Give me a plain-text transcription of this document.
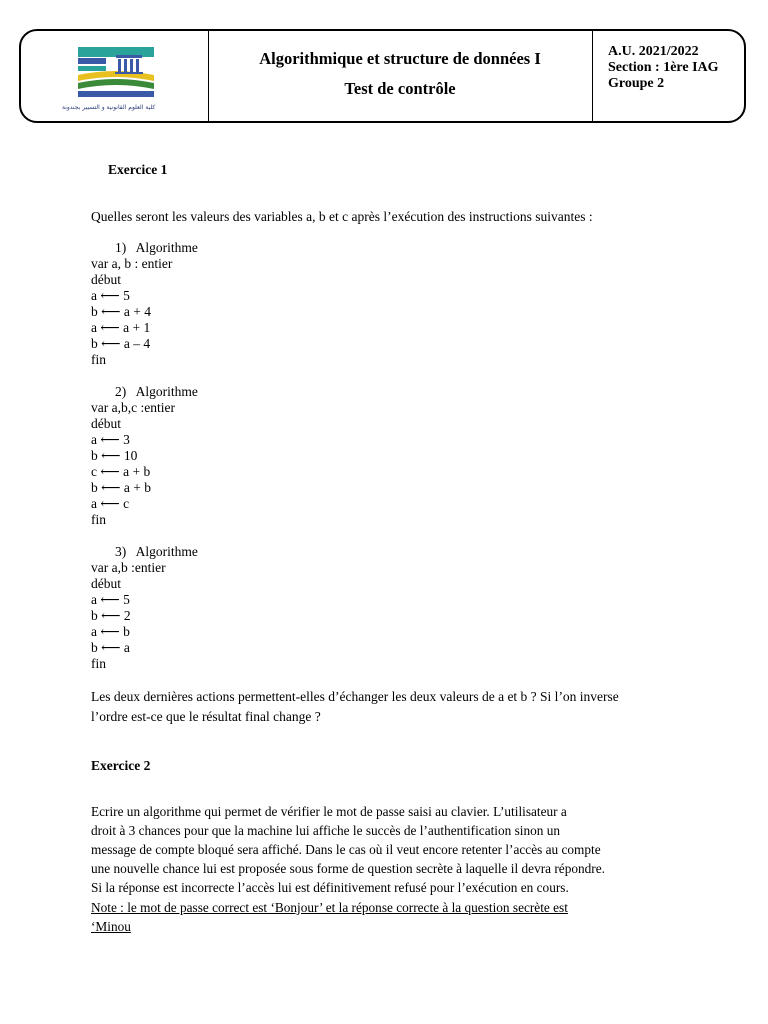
A.U. 2021/2022
Section : 1ère IAG
Groupe 2
كلية العلوم القانونية و التسيير بجندوبة
Algorithmique et structure de données I
Test de contrôle
Exercice 1
Quelles seront les valeurs des variables a, b et c après l’exécution des instructions suivantes :
1)   Algorithme
var a, b : entier
début
a ⟵ 5
b ⟵ a + 4
a ⟵ a + 1
b ⟵ a – 4
fin
2)   Algorithme
var a,b,c :entier
début
a ⟵ 3
b ⟵ 10
c ⟵ a + b
b ⟵ a + b
a ⟵ c
fin
3)   Algorithme
var a,b :entier
début
a ⟵ 5
b ⟵ 2
a ⟵ b
b ⟵ a
fin
Les deux dernières actions permettent-elles d’échanger les deux valeurs de a et b ? Si l’on inverse
l’ordre est-ce que le résultat final change ?
Exercice 2
Ecrire un algorithme qui permet de vérifier le mot de passe saisi au clavier. L’utilisateur a
droit à 3 chances pour que la machine lui affiche le succès de l’authentification sinon un
message de compte bloqué sera affiché. Dans le cas où il veut encore retenter l’accès au compte
une nouvelle chance lui est proposée sous forme de question secrète à laquelle il devra répondre.
Si la réponse est incorrecte l’accès lui est définitivement refusé pour l’exécution en cours.
Note : le mot de passe correct est ‘Bonjour’ et la réponse correcte à la question secrète est
‘Minou
